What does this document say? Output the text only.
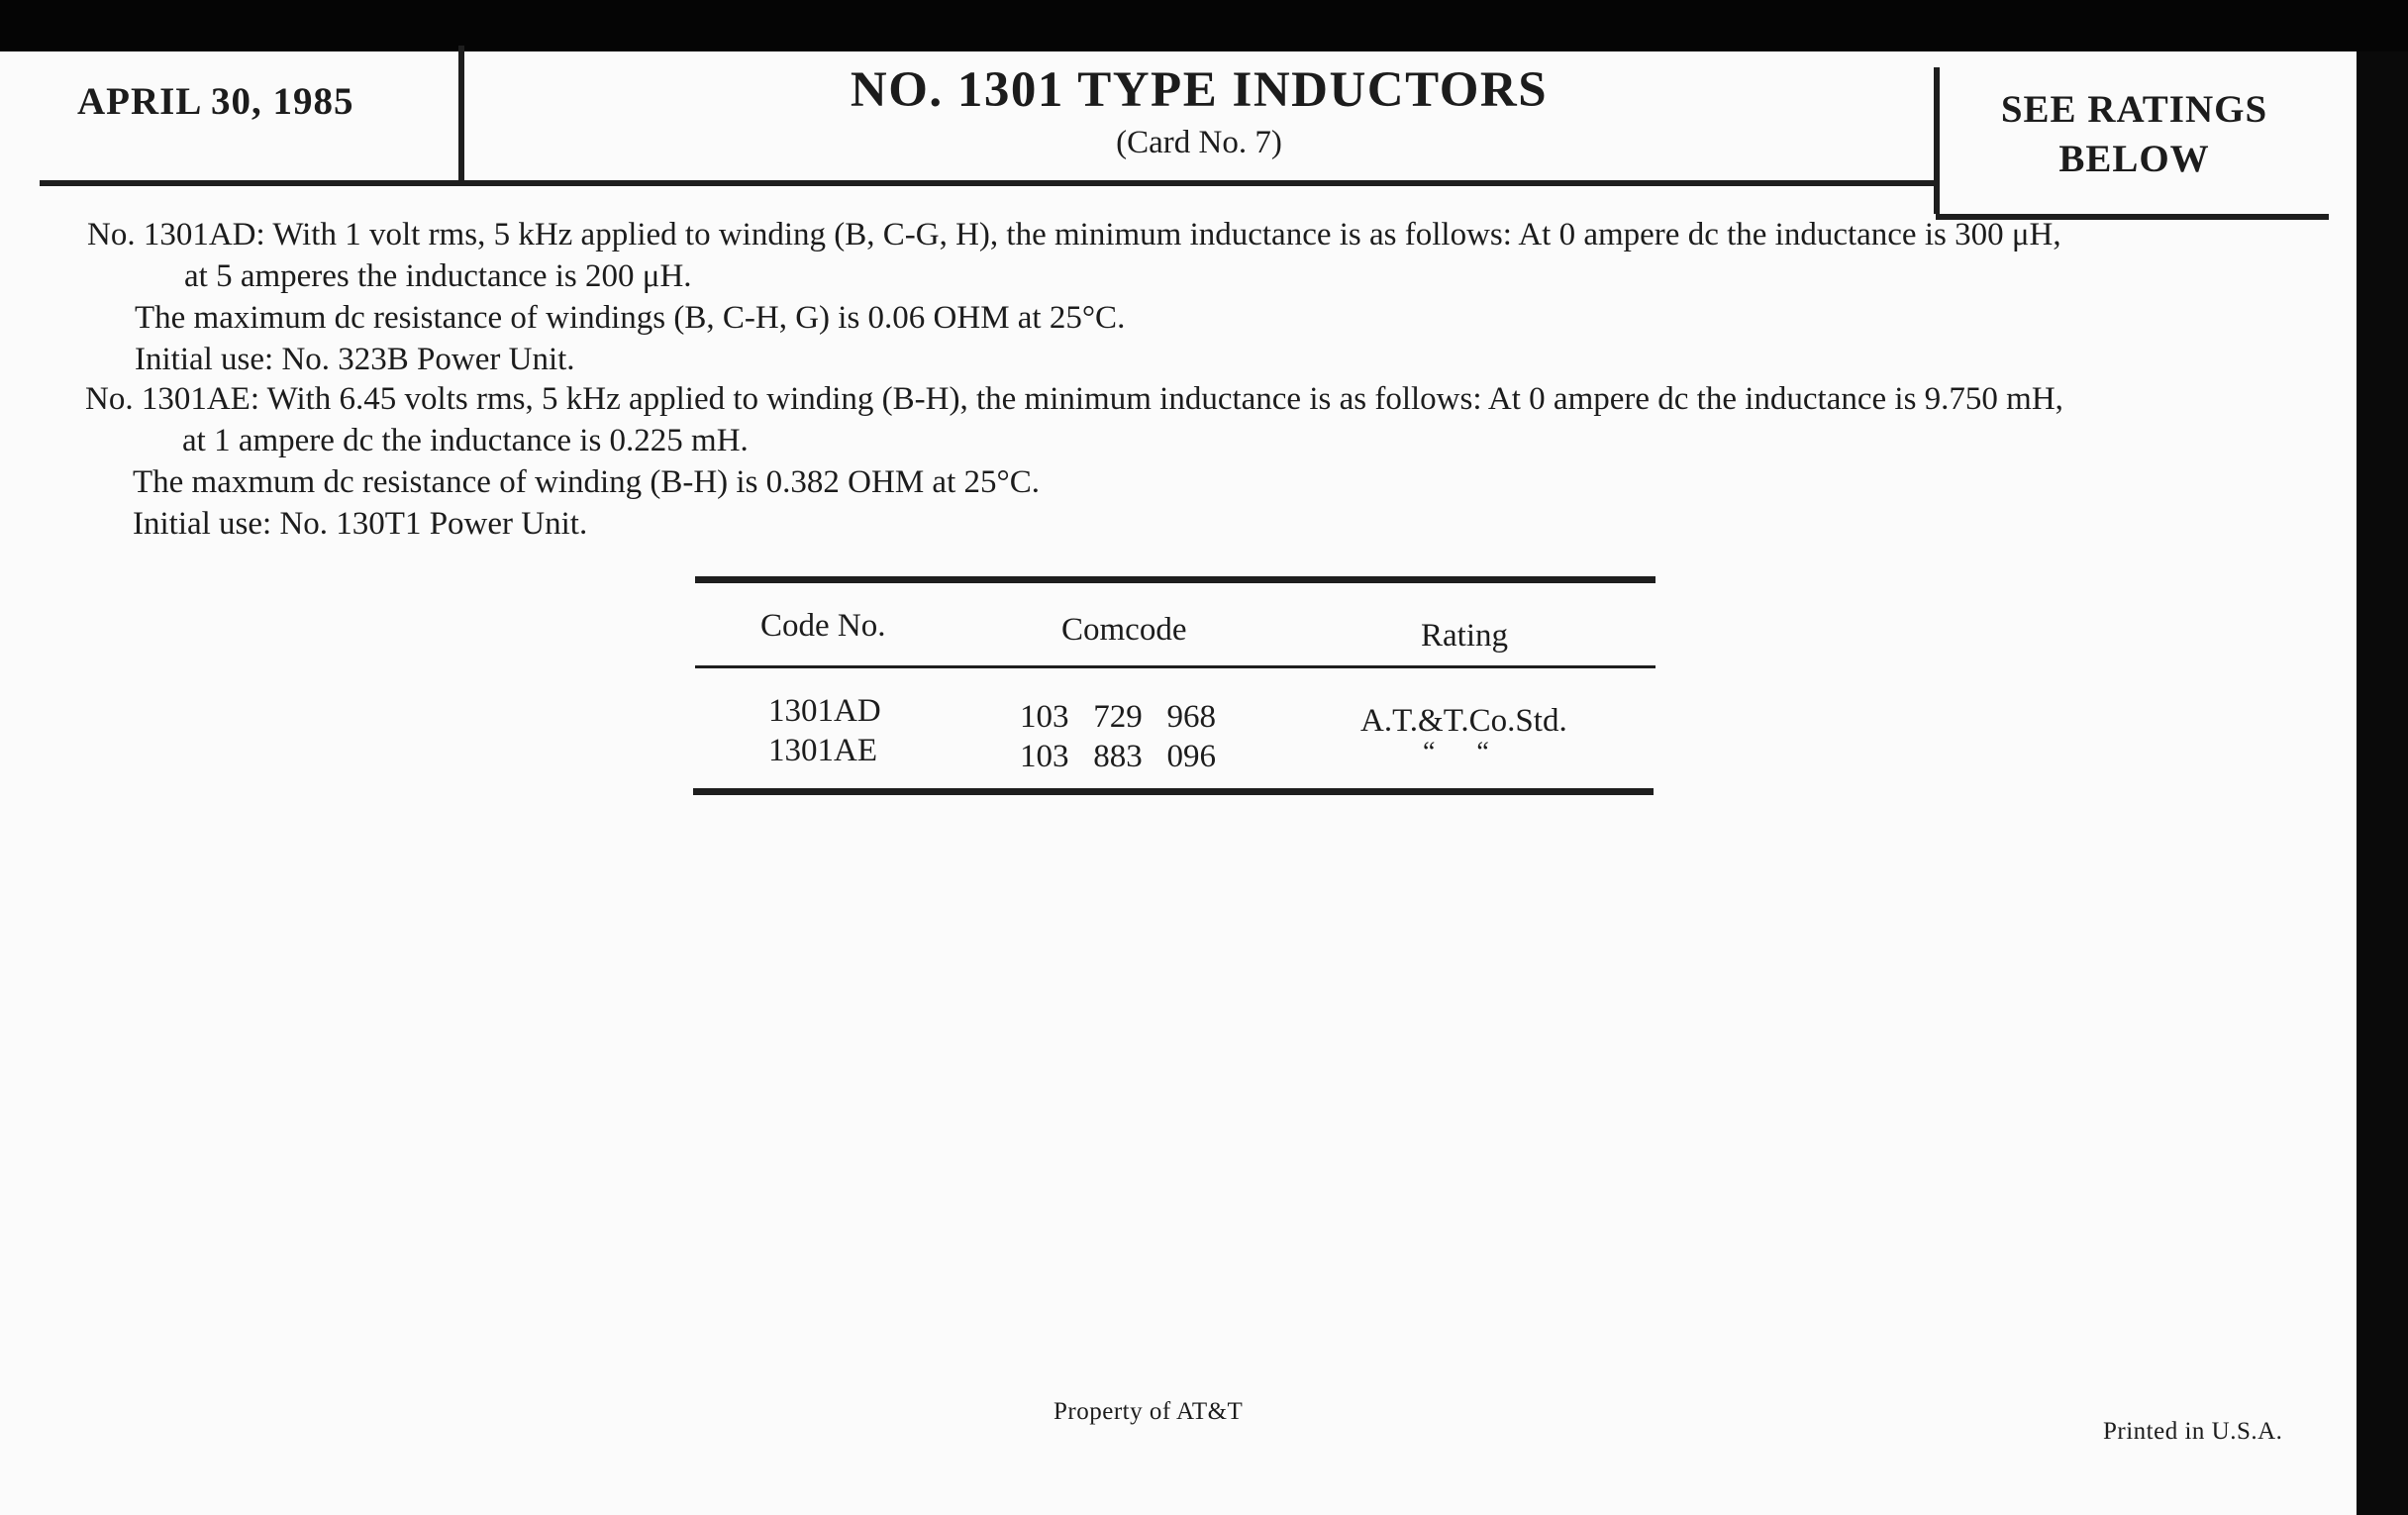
APRIL 30, 1985	NO. 1301 TYPE INDUCTORS
(Card No. 7)
SEE RATINGS
BELOW
No. 1301AD: With 1 volt rms, 5 kHz applied to winding (B, C-G, H), the minimum inductance is as follows: At 0 ampere dc the inductance is 300 μH,
at 5 amperes the inductance is 200 μH.
The maximum dc resistance of windings (B, C-H, G) is 0.06 OHM at 25°C.
Initial use: No. 323B Power Unit.
No. 1301AE: With 6.45 volts rms, 5 kHz applied to winding (B-H), the minimum inductance is as follows: At 0 ampere dc the inductance is 9.750 mH,
at 1 ampere dc the inductance is 0.225 mH.
The maxmum dc resistance of winding (B-H) is 0.382 OHM at 25°C.
Initial use: No. 130T1 Power Unit.
Code No.	Comcode	Rating
1301AD	103   729   968	A.T.&T.Co.Std.
1301AE	103   883   096	“      “
Property of AT&T
Printed in U.S.A.
